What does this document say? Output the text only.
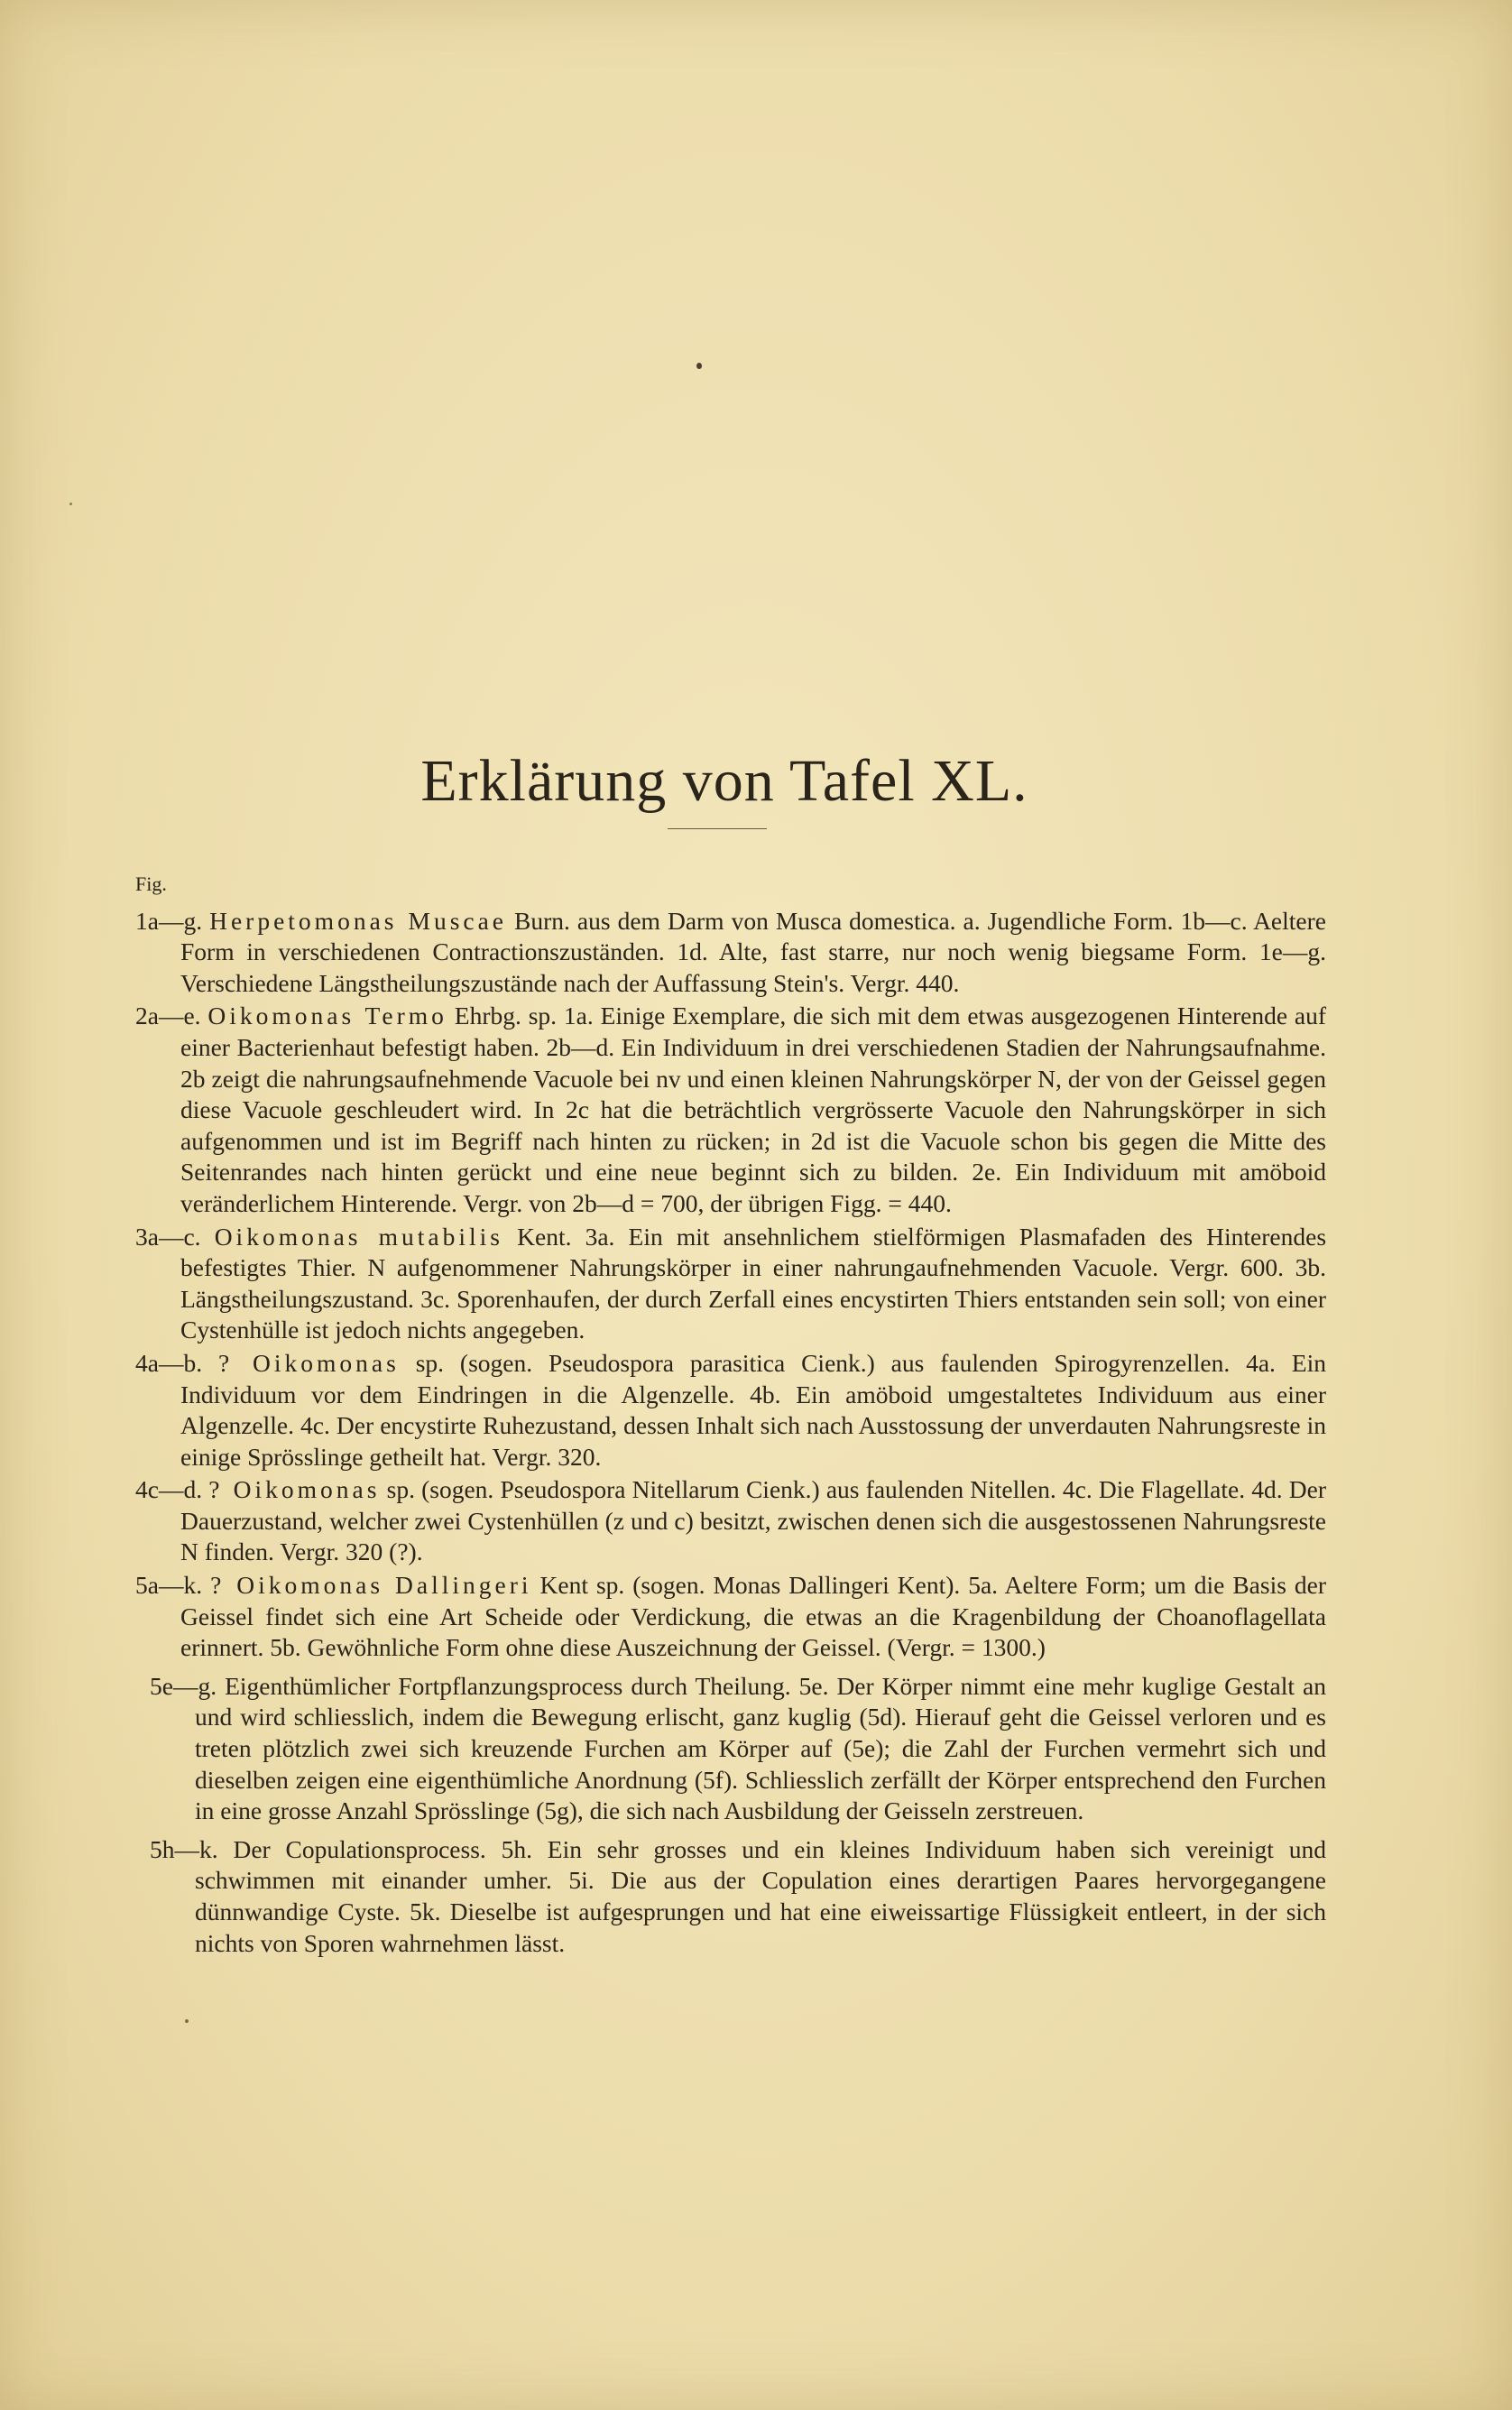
Erklärung von Tafel XL.
Fig.

1a—g. Herpetomonas Muscae Burn. aus dem Darm von Musca domestica. a. Jugendliche Form. 1b—c. Aeltere Form in verschiedenen Contractionszuständen. 1d. Alte, fast starre, nur noch wenig biegsame Form. 1e—g. Verschiedene Längstheilungszustände nach der Auffassung Stein's. Vergr. 440.

2a—e. Oikomonas Termo Ehrbg. sp. 1a. Einige Exemplare, die sich mit dem etwas ausgezogenen Hinterende auf einer Bacterienhaut befestigt haben. 2b—d. Ein Individuum in drei verschiedenen Stadien der Nahrungsaufnahme. 2b zeigt die nahrungsaufnehmende Vacuole bei nv und einen kleinen Nahrungskörper N, der von der Geissel gegen diese Vacuole geschleudert wird. In 2c hat die beträchtlich vergrösserte Vacuole den Nahrungskörper in sich aufgenommen und ist im Begriff nach hinten zu rücken; in 2d ist die Vacuole schon bis gegen die Mitte des Seitenrandes nach hinten gerückt und eine neue beginnt sich zu bilden. 2e. Ein Individuum mit amöboid veränderlichem Hinterende. Vergr. von 2b—d = 700, der übrigen Figg. = 440.

3a—c. Oikomonas mutabilis Kent. 3a. Ein mit ansehnlichem stielförmigen Plasmafaden des Hinterendes befestigtes Thier. N aufgenommener Nahrungskörper in einer nahrungaufnehmenden Vacuole. Vergr. 600. 3b. Längstheilungszustand. 3c. Sporenhaufen, der durch Zerfall eines encystirten Thiers entstanden sein soll; von einer Cystenhülle ist jedoch nichts angegeben.

4a—b. ? Oikomonas sp. (sogen. Pseudospora parasitica Cienk.) aus faulenden Spirogyrenzellen. 4a. Ein Individuum vor dem Eindringen in die Algenzelle. 4b. Ein amöboid umgestaltetes Individuum aus einer Algenzelle. 4c. Der encystirte Ruhezustand, dessen Inhalt sich nach Ausstossung der unverdauten Nahrungsreste in einige Sprösslinge getheilt hat. Vergr. 320.

4c—d. ? Oikomonas sp. (sogen. Pseudospora Nitellarum Cienk.) aus faulenden Nitellen. 4c. Die Flagellate. 4d. Der Dauerzustand, welcher zwei Cystenhüllen (z und c) besitzt, zwischen denen sich die ausgestossenen Nahrungsreste N finden. Vergr. 320 (?).

5a—k. ? Oikomonas Dallingeri Kent sp. (sogen. Monas Dallingeri Kent). 5a. Aeltere Form; um die Basis der Geissel findet sich eine Art Scheide oder Verdickung, die etwas an die Kragenbildung der Choanoflagellata erinnert. 5b. Gewöhnliche Form ohne diese Auszeichnung der Geissel. (Vergr. = 1300.)

5e—g. Eigenthümlicher Fortpflanzungsprocess durch Theilung. 5e. Der Körper nimmt eine mehr kuglige Gestalt an und wird schliesslich, indem die Bewegung erlischt, ganz kuglig (5d). Hierauf geht die Geissel verloren und es treten plötzlich zwei sich kreuzende Furchen am Körper auf (5e); die Zahl der Furchen vermehrt sich und dieselben zeigen eine eigenthümliche Anordnung (5f). Schliesslich zerfällt der Körper entsprechend den Furchen in eine grosse Anzahl Sprösslinge (5g), die sich nach Ausbildung der Geisseln zerstreuen.

5h—k. Der Copulationsprocess. 5h. Ein sehr grosses und ein kleines Individuum haben sich vereinigt und schwimmen mit einander umher. 5i. Die aus der Copulation eines derartigen Paares hervorgegangene dünnwandige Cyste. 5k. Dieselbe ist aufgesprungen und hat eine eiweissartige Flüssigkeit entleert, in der sich nichts von Sporen wahrnehmen lässt.
